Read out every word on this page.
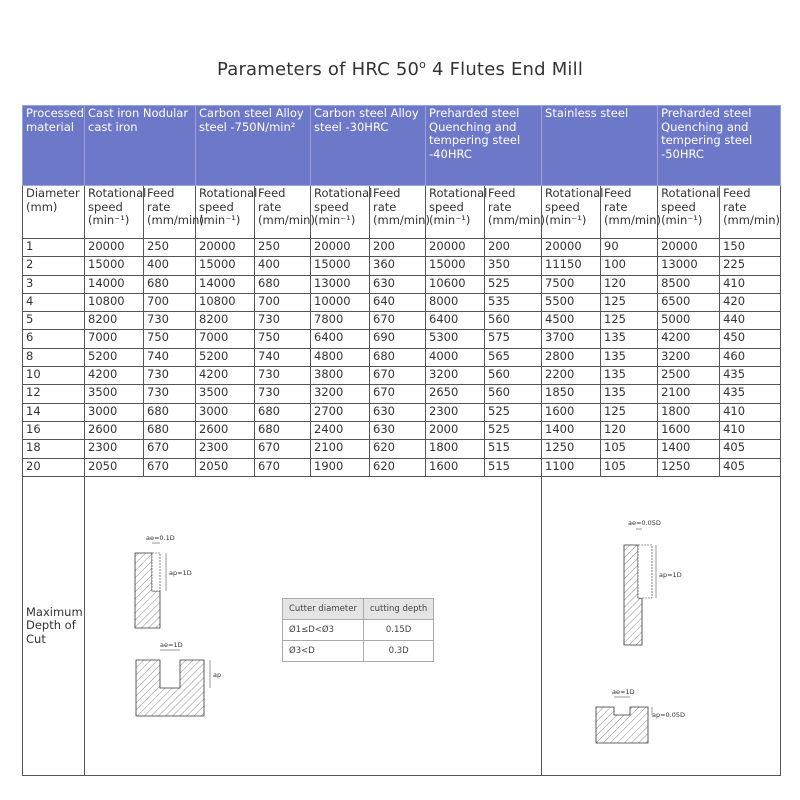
Parameters of HRC 50$^o$ 4 Flutes End Mill
Processed material	Cast iron Nodular cast iron		Carbon steel Alloy steel -750N/min²		Carbon steel Alloy steel -30HRC		Preharded steel Quenching and tempering steel -40HRC		Stainless steel		Preharded steel Quenching and tempering steel -50HRC	
Diameter (mm)	Rotational speed (min⁻¹)	Feed rate (mm/min)	Rotational speed (min⁻¹)	Feed rate (mm/min)	Rotational speed (min⁻¹)	Feed rate (mm/min)	Rotational speed (min⁻¹)	Feed rate (mm/min)	Rotational speed (min⁻¹)	Feed rate (mm/min)	Rotational speed (min⁻¹)	Feed rate (mm/min)
1	20000	250	20000	250	20000	200	20000	200	20000	90	20000	150
2	15000	400	15000	400	15000	360	15000	350	11150	100	13000	225
3	14000	680	14000	680	13000	630	10600	525	7500	120	8500	410
4	10800	700	10800	700	10000	640	8000	535	5500	125	6500	420
5	8200	730	8200	730	7800	670	6400	560	4500	125	5000	440
6	7000	750	7000	750	6400	690	5300	575	3700	135	4200	450
8	5200	740	5200	740	4800	680	4000	565	2800	135	3200	460
10	4200	730	4200	730	3800	670	3200	560	2200	135	2500	435
12	3500	730	3500	730	3200	670	2650	560	1850	135	2100	435
14	3000	680	3000	680	2700	630	2300	525	1600	125	1800	410
16	2600	680	2600	680	2400	630	2000	525	1400	120	1600	410
18	2300	670	2300	670	2100	620	1800	515	1250	105	1400	405
20	2050	670	2050	670	1900	620	1600	515	1100	105	1250	405
Maximum Depth of Cut												
ae=0.1D
ap=1D
ae=1D
ap
Cutter diameter	cutting depth
Ø1≤D<Ø3	0.15D
Ø3<D	0.3D
ae=0.05D
ap=1D
ae=1D
ap=0.05D
